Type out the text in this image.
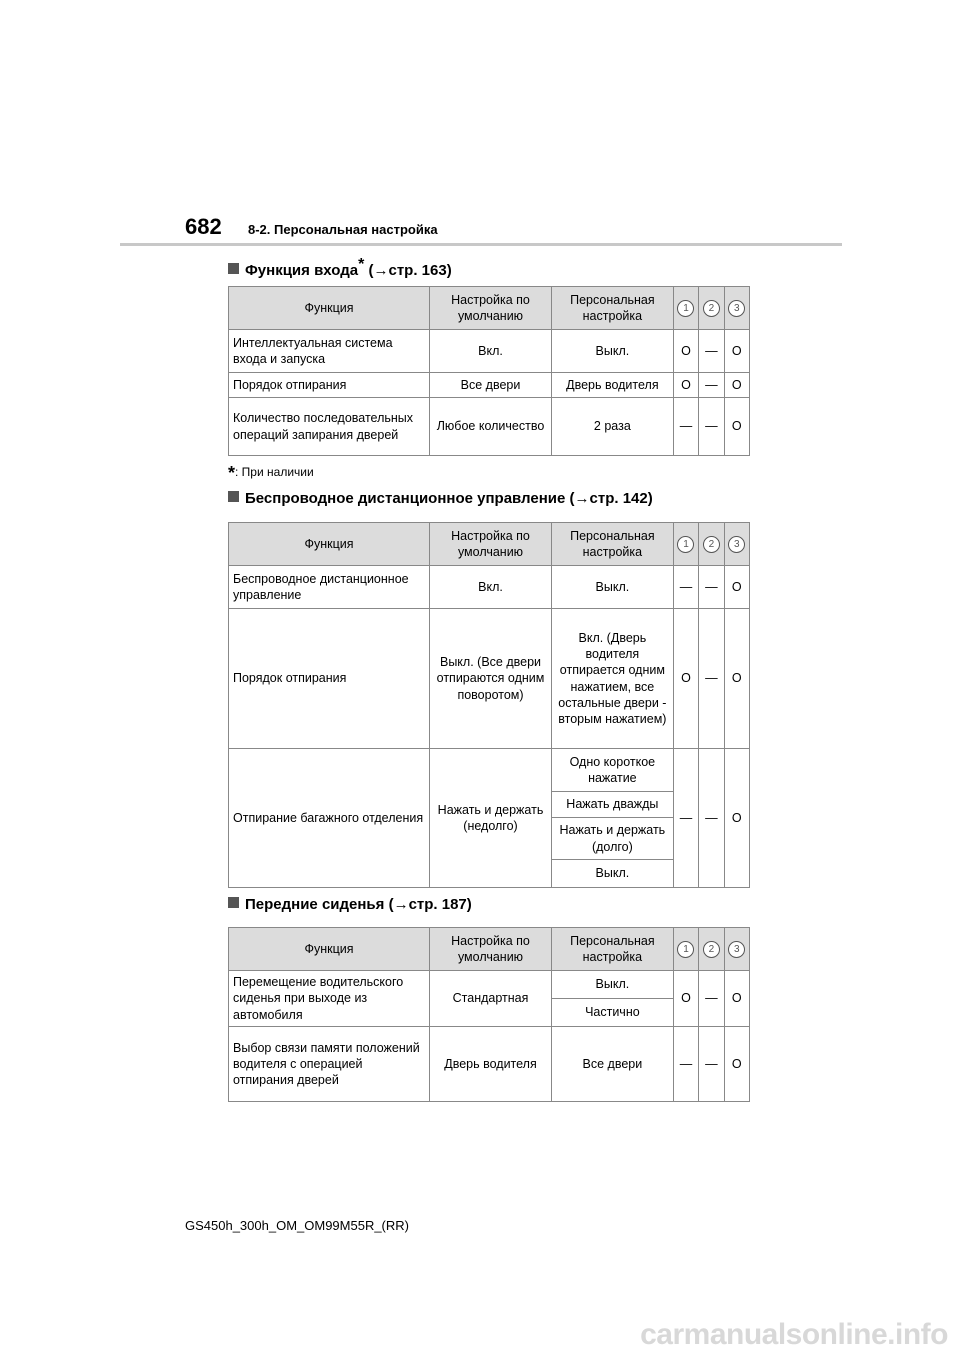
682 8-2. Персональная настройка
Функция входа* (→стр. 163)
Функция	Настройка по умолчанию	Персональная настройка	1	2	3
Интеллектуальная система входа и запуска	Вкл.	Выкл.	O	—	O
Порядок отпирания	Все двери	Дверь водителя	O	—	O
Количество последовательных операций запирания дверей	Любое количество	2 раза	—	—	O
*: При наличии
Беспроводное дистанционное управление (→стр. 142)
Функция	Настройка по умолчанию	Персональная настройка	1	2	3
Беспроводное дистанционное управление	Вкл.	Выкл.	—	—	O
Порядок отпирания	Выкл. (Все двери отпираются одним поворотом)	Вкл. (Дверь водителя отпирается одним нажатием, все остальные двери - вторым нажатием)	O	—	O
Отпирание багажного отделения	Нажать и держать (недолго)	Одно короткое нажатие	—	—	O
		Нажать дважды			
		Нажать и держать (долго)			
		Выкл.			
Передние сиденья (→стр. 187)
Функция	Настройка по умолчанию	Персональная настройка	1	2	3
Перемещение водительского сиденья при выходе из автомобиля	Стандартная	Выкл.	O	—	O
		Частично			
Выбор связи памяти положений водителя с операцией отпирания дверей	Дверь водителя	Все двери	—	—	O
GS450h_300h_OM_OM99M55R_(RR)
carmanualsonline.info
